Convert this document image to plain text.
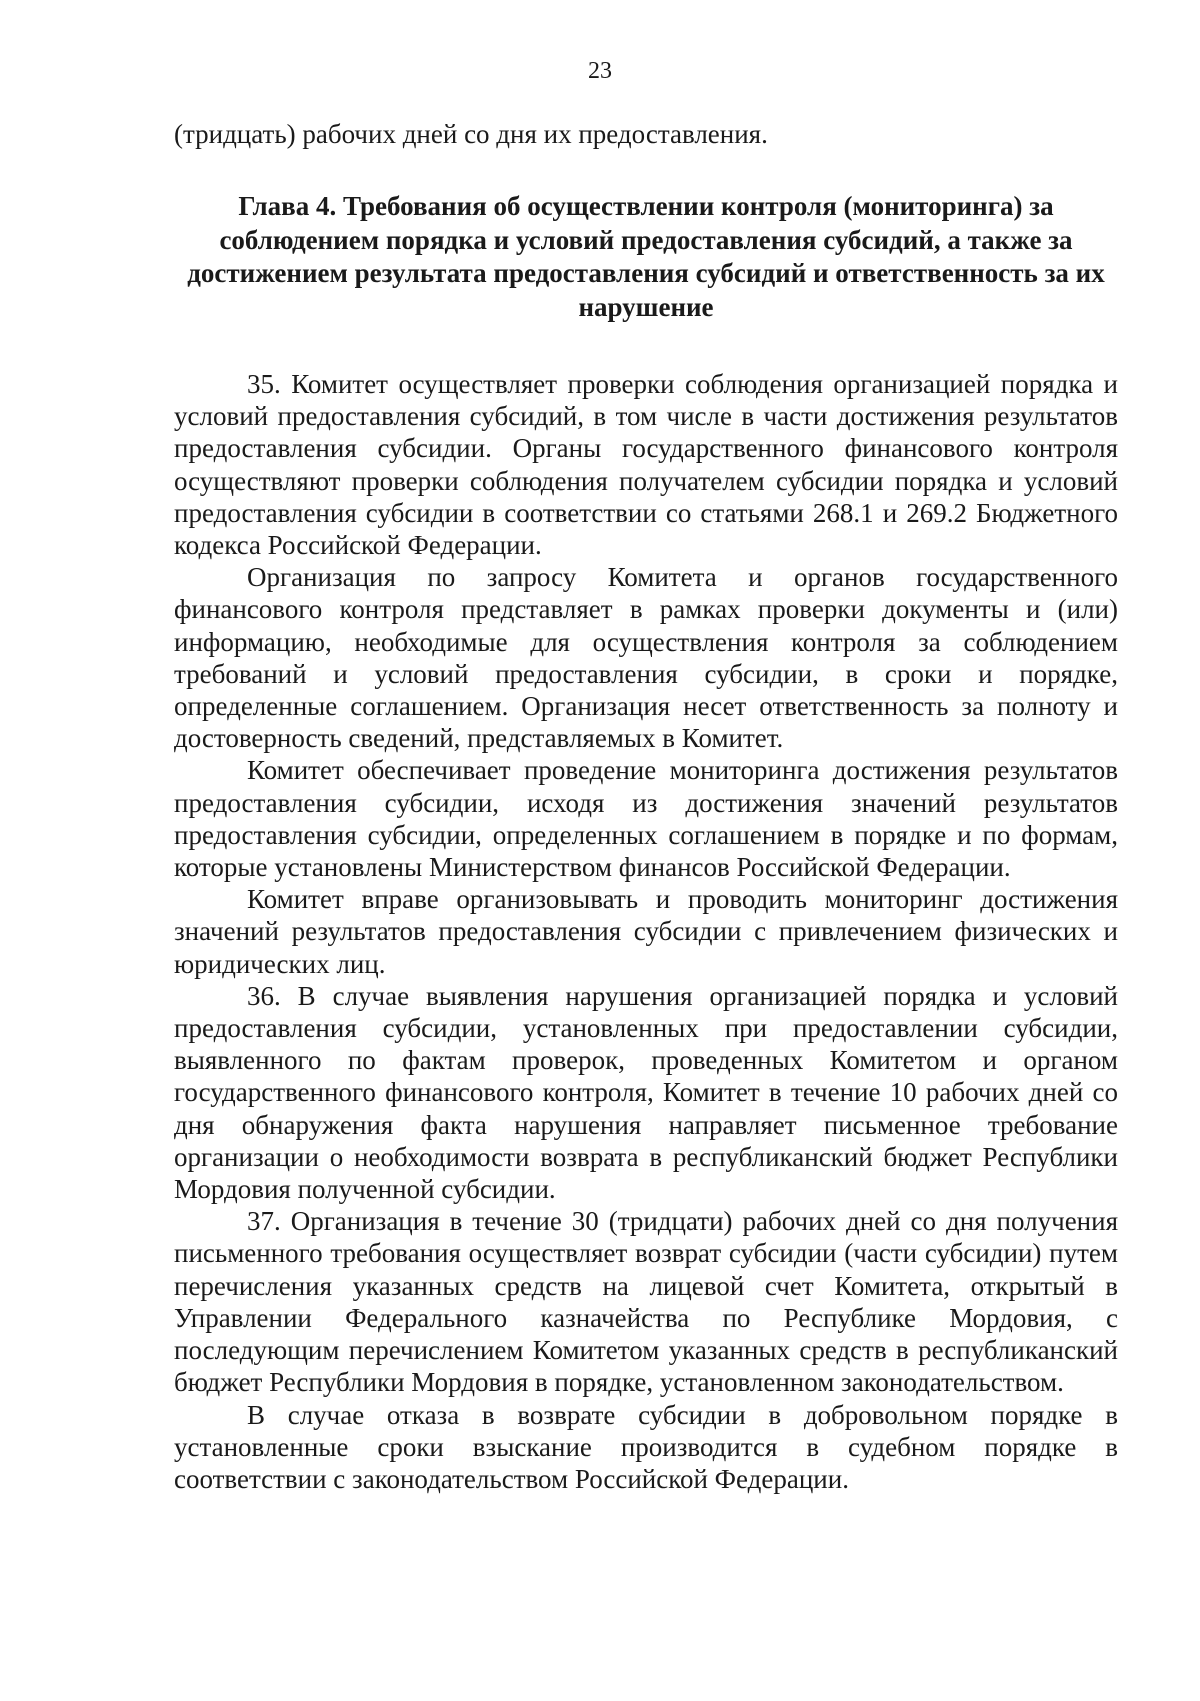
23
(тридцать) рабочих дней со дня их предоставления.
Глава 4. Требования об осуществлении контроля (мониторинга) за соблюдением порядка и условий предоставления субсидий, а также за достижением результата предоставления субсидий и ответственность за их нарушение

35. Комитет осуществляет проверки соблюдения организацией порядка и условий предоставления субсидий, в том числе в части достижения результатов предоставления субсидии. Органы государственного финансового контроля осуществляют проверки соблюдения получателем субсидии порядка и условий предоставления субсидии в соответствии со статьями 268.1 и 269.2 Бюджетного кодекса Российской Федерации.

Организация по запросу Комитета и органов государственного финансового контроля представляет в рамках проверки документы и (или) информацию, необходимые для осуществления контроля за соблюдением требований и условий предоставления субсидии, в сроки и порядке, определенные соглашением. Организация несет ответственность за полноту и достоверность сведений, представляемых в Комитет.

Комитет обеспечивает проведение мониторинга достижения результатов предоставления субсидии, исходя из достижения значений результатов предоставления субсидии, определенных соглашением в порядке и по формам, которые установлены Министерством финансов Российской Федерации.

Комитет вправе организовывать и проводить мониторинг достижения значений результатов предоставления субсидии с привлечением физических и юридических лиц.

36. В случае выявления нарушения организацией порядка и условий предоставления субсидии, установленных при предоставлении субсидии, выявленного по фактам проверок, проведенных Комитетом и органом государственного финансового контроля, Комитет в течение 10 рабочих дней со дня обнаружения факта нарушения направляет письменное требование организации о необходимости возврата в республиканский бюджет Республики Мордовия полученной субсидии.

37. Организация в течение 30 (тридцати) рабочих дней со дня получения письменного требования осуществляет возврат субсидии (части субсидии) путем перечисления указанных средств на лицевой счет Комитета, открытый в Управлении Федерального казначейства по Республике Мордовия, с последующим перечислением Комитетом указанных средств в республиканский бюджет Республики Мордовия в порядке, установленном законодательством.

В случае отказа в возврате субсидии в добровольном порядке в установленные сроки взыскание производится в судебном порядке в соответствии с законодательством Российской Федерации.
